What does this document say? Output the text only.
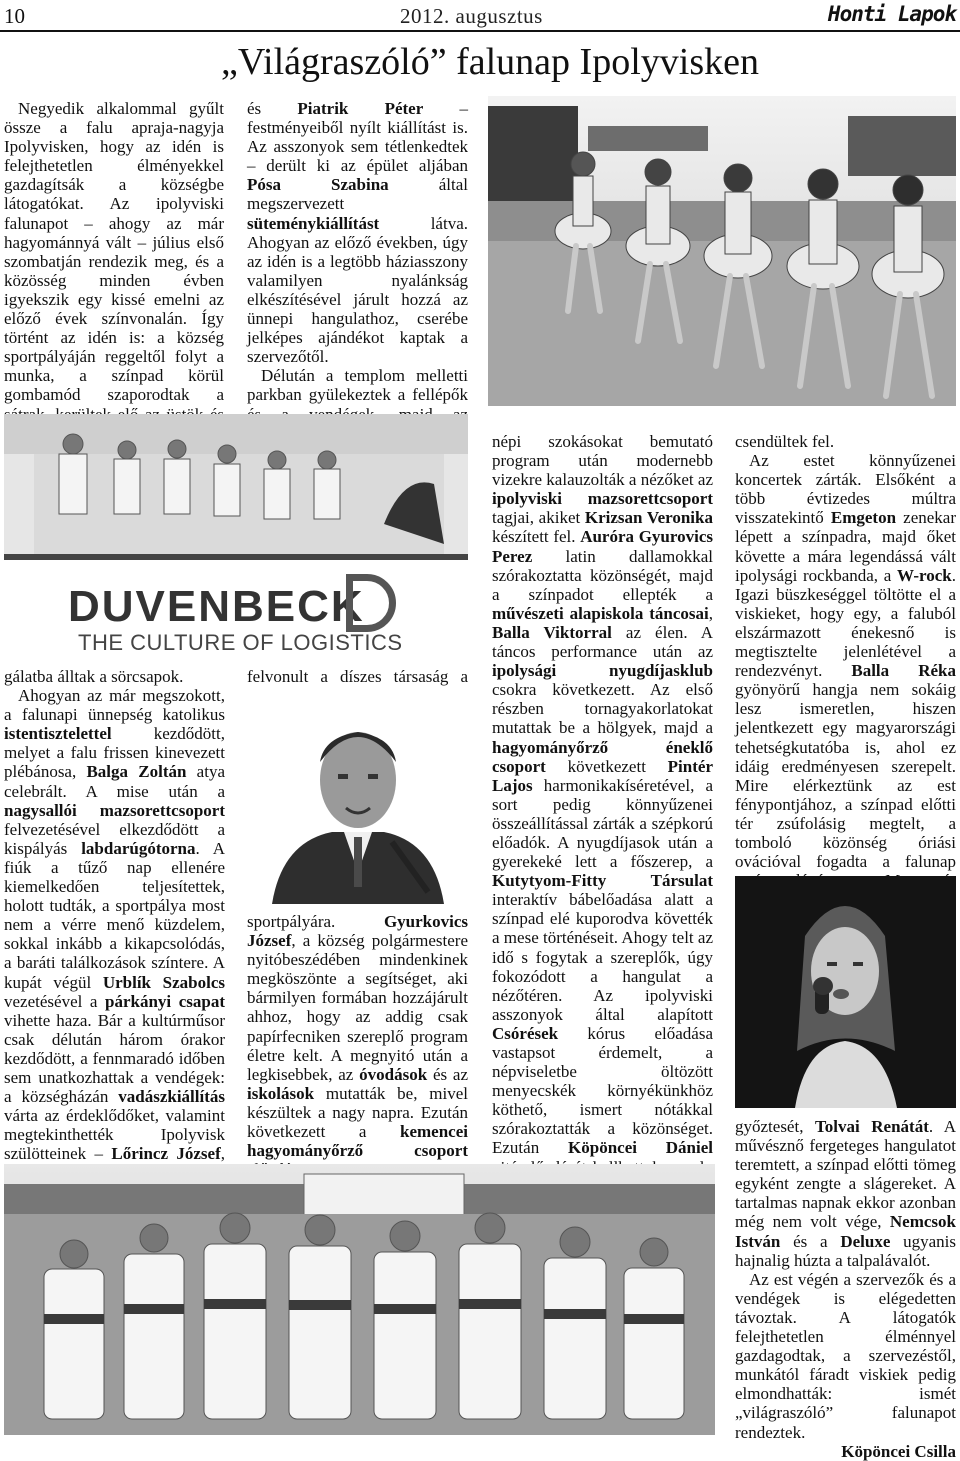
10	2012. augusztus	Honti Lapok
„Világraszóló” falunap Ipolyvisken

Negyedik alkalommal gyűlt össze a falu apraja-nagyja Ipolyvisken, hogy az idén is felejthetetlen élményekkel gazdagítsák a községbe látogatókat. Az ipolyviski falunapot – ahogy az már hagyománnyá vált – július első szombatján rendezik meg, és a közösség minden évben igyekszik egy kissé emelni az előző évek színvonalán. Így történt az idén is: a község sportpályáján reggeltől folyt a munka, a színpad körül gombamód szaporodtak a

és Piatrik Péter – festményeiből nyílt kiállítást is. Az asszonyok sem tétlenkedtek – derült ki az épület aljában Pósa Szabina által megszervezett süteménykiállítást látva. Ahogyan az előző években, úgy az idén is a legtöbb háziasszony valamilyen nyalánkság elkészítésével járult hozzá az ünnepi hangulathoz, cserébe jelképes ajándékot kaptak a szervezőtől.

Délután a templom melletti parkban gyülekeztek a fellépők

DUVENBECK
THE CULTURE OF LOGISTICS

gálatba álltak a sörcsapok.

Ahogyan az már megszokott, a falunapi ünnepség katolikus istentisztelettel kezdődött, melyet a falu frissen kinevezett plébánosa, Balga Zoltán atya celebrált. A mise után a nagysallói mazsorettcsoport felvezetésével elkezdődött a kispályás labdarúgótorna. A fiúk a tűző nap ellenére kiemelkedően teljesítettek, holott tudták, a sportpálya most nem a vérre menő küzdelem, sokkal inkább a kikapcsolódás, a baráti találkozások színtere. A kupát végül Urblík Szabolcs vezetésével a párkányi csapat vihette haza. Bár a kultúrműsor csak délután három órakor kezdődött, a fennmaradó időben sem unatkozhattak a vendégek: a községházán vadászkiállítás várta az érdeklődőket, valamint megtekinthették Ipolyvisk szülötteinek – Lőrincz József,

felvonult a díszes társaság a

sportpályára. Gyurkovics József, a község polgármestere nyitóbeszédében mindenkinek megköszönte a segítséget, aki bármilyen formában hozzájárult ahhoz, hogy az addig csak papírfecniken szereplő program életre kelt. A megnyitó után a legkisebbek, az óvodások és az iskolások mutatták be, mivel készültek a nagy napra. Ezután következett a kemencei hagyományőrző csoport

népi szokásokat bemutató program után modernebb vizekre kalauzolták a nézőket az ipolyviski mazsorettcsoport tagjai, akiket Krizsan Veronika készített fel. Auróra Gyurovics Perez latin dallamokkal szórakoztatta közönségét, majd a színpadot ellepték a művészeti alapiskola táncosai, Balla Viktorral az élen. A táncos performance után az ipolysági nyugdíjasklub csokra következett. Az első részben tornagyakorlatokat mutattak be a hölgyek, majd a hagyományőrző éneklő csoport következett Pintér Lajos harmonikakíséretével, a sort pedig könnyűzenei összeállítással zárták a szépkorú előadók. A nyugdíjasok után a gyerekeké lett a főszerep, a Kutytyom-Fitty Társulat interaktív bábelőadása alatt a színpad elé kuporodva követték a mese történéseit. Ahogy telt az idő s fogytak a szereplők, úgy fokozódott a hangulat a nézőtéren. Az ipolyviski asszonyok által alapított Csórések kórus előadása vastapsot érdemelt, a népviseletbe öltözött menyecskék környékünkhöz köthető, ismert nótákkal szórakoztatták a közönséget. Ezután Köpöncei Dániel

csendültek fel.

Az estet könnyűzenei koncertek zárták. Elsőként a több évtizedes múltra visszatekintő Emgeton zenekar lépett a színpadra, majd őket követte a mára legendássá vált ipolysági rockbanda, a W-rock. Igazi büszkeséggel töltötte el a viskieket, hogy egy, a faluból elszármazott énekesnő is megtisztelte jelenlétével a rendezvényt. Balla Réka gyönyörű hangja nem sokáig lesz ismeretlen, hiszen jelentkezett egy magyarországi tehetségkutatóba is, ahol ez idáig eredményesen szerepelt. Mire elérkeztünk az est fénypontjához, a színpad előtti tér zsúfolásig megtelt, a tomboló közönség óriási ovációval fogadta a falunap

győztesét, Tolvai Renátát. A művésznő fergeteges hangulatot teremtett, a színpad előtti tömeg egyként zengte a slágereket. A tartalmas napnak ekkor azonban még nem volt vége, Nemcsok István és a Deluxe ugyanis hajnalig húzta a talpalávalót.

Az est végén a szervezők és a vendégek is elégedetten távoztak. A látogatók felejthetetlen élménnyel gazdagodtak, a szervezéstől, munkától fáradt viskiek pedig elmondhatták: ismét „világraszóló” falunapot rendeztek.

Köpöncei Csilla
